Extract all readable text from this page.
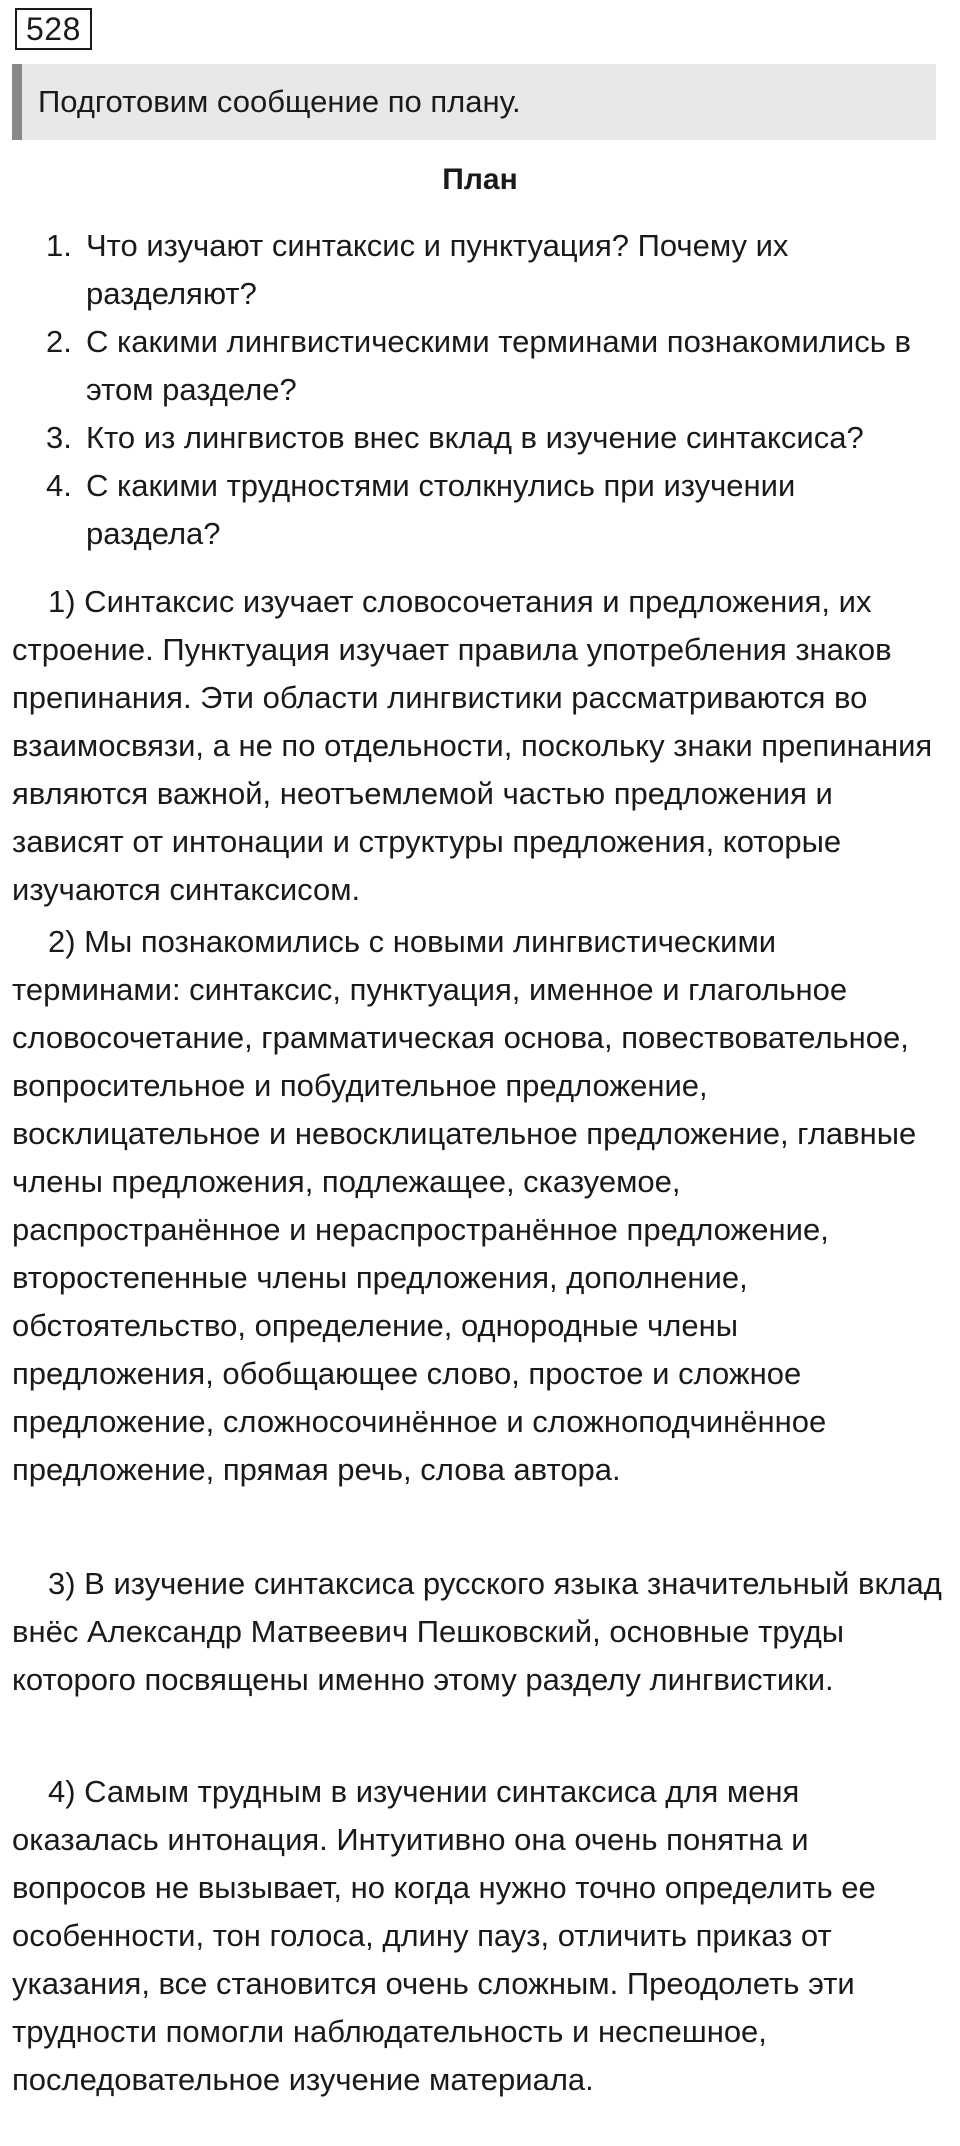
528
Подготовим сообщение по плану.
План
1. Что изучают синтаксис и пунктуация? Почему их разделяют?
2. С какими лингвистическими терминами познакомились в этом разделе?
3. Кто из лингвистов внес вклад в изучение синтаксиса?
4. С какими трудностями столкнулись при изучении раздела?

1) Синтаксис изучает словосочетания и предложения, их строение. Пунктуация изучает правила употребления знаков препинания. Эти области лингвистики рассматриваются во взаимосвязи, а не по отдельности, поскольку знаки препинания являются важной, неотъемлемой частью предложения и зависят от интонации и структуры предложения, которые изучаются синтаксисом.

2) Мы познакомились с новыми лингвистическими терминами: синтаксис, пунктуация, именное и глагольное словосочетание, грамматическая основа, повествовательное, вопросительное и побудительное предложение, восклицательное и невосклицательное предложение, главные члены предложения, подлежащее, сказуемое, распространённое и нераспространённое предложение, второстепенные члены предложения, дополнение, обстоятельство, определение, однородные члены предложения, обобщающее слово, простое и сложное предложение, сложносочинённое и сложноподчинённое предложение, прямая речь, слова автора.

3) В изучение синтаксиса русского языка значительный вклад внёс Александр Матвеевич Пешковский, основные труды которого посвящены именно этому разделу лингвистики.

4) Самым трудным в изучении синтаксиса для меня оказалась интонация. Интуитивно она очень понятна и вопросов не вызывает, но когда нужно точно определить ее особенности, тон голоса, длину пауз, отличить приказ от указания, все становится очень сложным. Преодолеть эти трудности помогли наблюдательность и неспешное, последовательное изучение материала.
